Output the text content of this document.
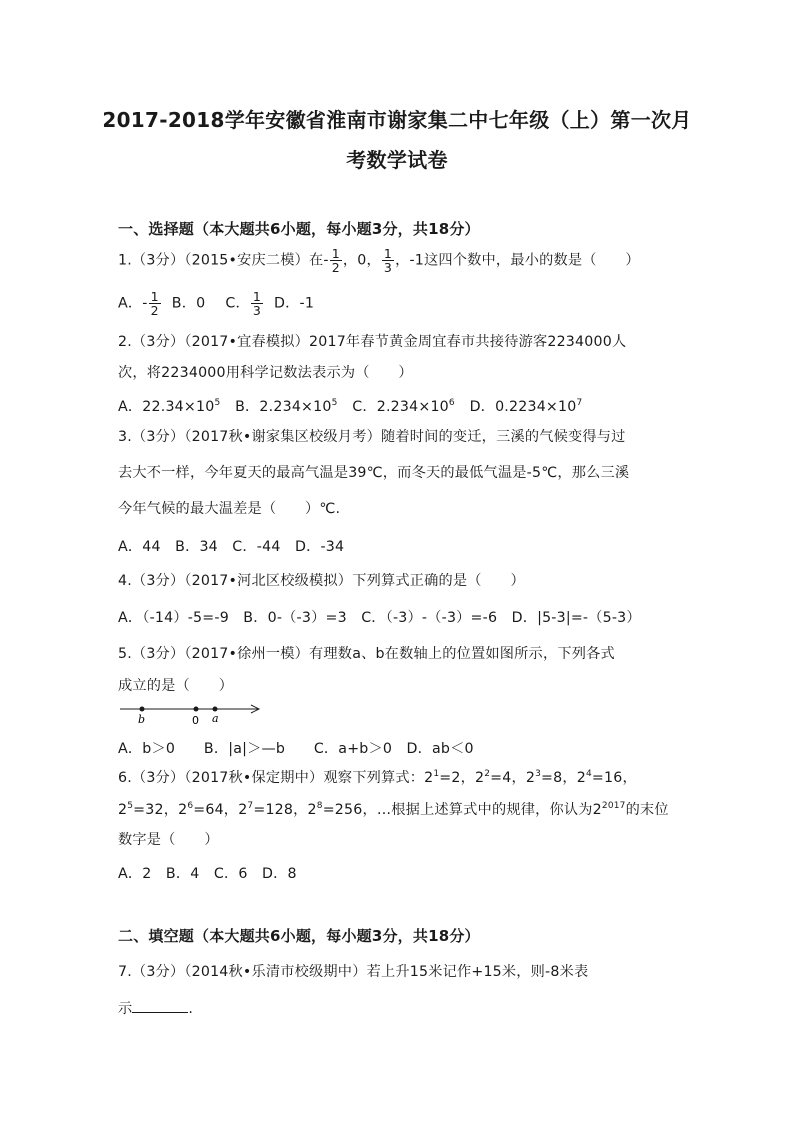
2017-2018学年安徽省淮南市谢家集二中七年级（上）第一次月
考数学试卷
一、选择题（本大题共6小题，每小题3分，共18分）
1.（3分）（2015•安庆二模）在- $\frac{1}{2}$ ，0， $\frac{1}{3}$ ，-1这四个数中，最小的数是（　　）
A．- $\frac{1}{2}$ B．0 C． $\frac{1}{3}$ D．-1
2.（3分）（2017•宜春模拟）2017年春节黄金周宜春市共接待游客2234000人
次，将2234000用科学记数法表示为（　　）
A．$22.34\times 10^5$ B．$2.234\times 10^5$ C．$2.234\times 10^6$ D．$0.2234\times 10^7$
3.（3分）（2017秋•谢家集区校级月考）随着时间的变迁，三溪的气候变得与过
去大不一样，今年夏天的最高气温是39℃，而冬天的最低气温是-5℃，那么三溪
今年气候的最大温差是（　　）℃.
A．44　B．34　C．-44　D．-34
4.（3分）（2017•河北区校级模拟）下列算式正确的是（　　）
A．（-14）-5=-9　B．0-（-3）=3　C．（-3）-（-3）=-6　D．|5-3|=-（5-3）
5.（3分）（2017•徐州一模）有理数a、b在数轴上的位置如图所示，下列各式
成立的是（　　）
b	0 a
A．b＞0　　B．|a|＞—b　　C．a+b＞0　D．ab＜0
6.（3分）（2017秋•保定期中）观察下列算式：$2^1=2$，$2^2=4$，$2^3=8$，$2^4=16$，
$2^5=32$，$2^6=64$，$2^7=128$，$2^8=256$，…根据上述算式中的规律，你认为$2^{2017}$的末位
数字是（　　）
A．2　B．4　C．6　D．8
二、填空题（本大题共6小题，每小题3分，共18分）
7.（3分）（2014秋•乐清市校级期中）若上升15米记作+15米，则-8米表
示	.
